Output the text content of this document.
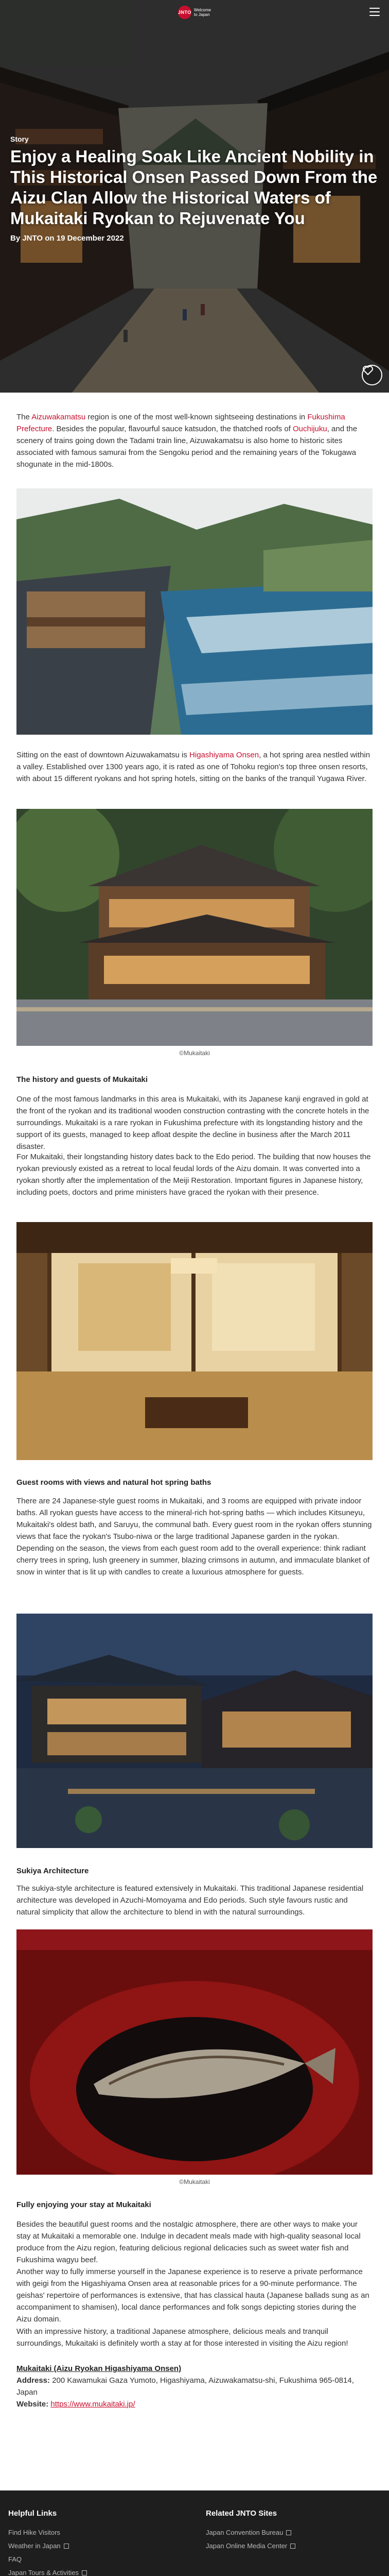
JNTO Welcome
to Japan
Story
Enjoy a Healing Soak Like Ancient Nobility in This Historical Onsen Passed Down From the Aizu Clan Allow the Historical Waters of Mukaitaki Ryokan to Rejuvenate You
By JNTO on 19 December 2022

The Aizuwakamatsu region is one of the most well-known sightseeing destinations in Fukushima Prefecture. Besides the popular, flavourful sauce katsudon, the thatched roofs of Ouchijuku, and the scenery of trains going down the Tadami train line, Aizuwakamatsu is also home to historic sites associated with famous samurai from the Sengoku period and the remaining years of the Tokugawa shogunate in the mid-1800s.

Sitting on the east of downtown Aizuwakamatsu is Higashiyama Onsen, a hot spring area nestled within a valley. Established over 1300 years ago, it is rated as one of Tohoku region's top three onsen resorts, with about 15 different ryokans and hot spring hotels, sitting on the banks of the tranquil Yugawa River.

©Mukaitaki
The history and guests of Mukaitaki

One of the most famous landmarks in this area is Mukaitaki, with its Japanese kanji engraved in gold at the front of the ryokan and its traditional wooden construction contrasting with the concrete hotels in the surroundings. Mukaitaki is a rare ryokan in Fukushima prefecture with its longstanding history and the support of its guests, managed to keep afloat despite the decline in business after the March 2011 disaster.

For Mukaitaki, their longstanding history dates back to the Edo period. The building that now houses the ryokan previously existed as a retreat to local feudal lords of the Aizu domain. It was converted into a ryokan shortly after the implementation of the Meiji Restoration. Important figures in Japanese history, including poets, doctors and prime ministers have graced the ryokan with their presence.

Guest rooms with views and natural hot spring baths

There are 24 Japanese-style guest rooms in Mukaitaki, and 3 rooms are equipped with private indoor baths. All ryokan guests have access to the mineral-rich hot-spring baths — which includes Kitsuneyu, Mukaitaki's oldest bath, and Saruyu, the communal bath. Every guest room in the ryokan offers stunning views that face the ryokan's Tsubo-niwa or the large traditional Japanese garden in the ryokan. Depending on the season, the views from each guest room add to the overall experience: think radiant cherry trees in spring, lush greenery in summer, blazing crimsons in autumn, and immaculate blanket of snow in winter that is lit up with candles to create a luxurious atmosphere for guests.

Sukiya Architecture

The sukiya-style architecture is featured extensively in Mukaitaki. This traditional Japanese residential architecture was developed in Azuchi-Momoyama and Edo periods. Such style favours rustic and natural simplicity that allow the architecture to blend in with the natural surroundings.

©Mukaitaki
Fully enjoying your stay at Mukaitaki

Besides the beautiful guest rooms and the nostalgic atmosphere, there are other ways to make your stay at Mukaitaki a memorable one. Indulge in decadent meals made with high-quality seasonal local produce from the Aizu region, featuring delicious regional delicacies such as sweet water fish and Fukushima wagyu beef.

Another way to fully immerse yourself in the Japanese experience is to reserve a private performance with geigi from the Higashiyama Onsen area at reasonable prices for a 90-minute performance. The geishas' repertoire of performances is extensive, that has classical hauta (Japanese ballads sung as an accompaniment to shamisen), local dance performances and folk songs depicting stories during the Aizu domain.

With an impressive history, a traditional Japanese atmosphere, delicious meals and tranquil surroundings, Mukaitaki is definitely worth a stay at for those interested in visiting the Aizu region!

Mukaitaki (Aizu Ryokan Higashiyama Onsen)
Address: 200 Kawamukai Gaza Yumoto, Higashiyama, Aizuwakamatsu-shi, Fukushima 965-0814, Japan
Website: https://www.mukaitaki.jp/
Helpful Links
Find Hike Visitors
Weather in Japan
FAQ
Japan Tours & Activities
Related JNTO Sites
Japan Convention Bureau
Japan Online Media Center
